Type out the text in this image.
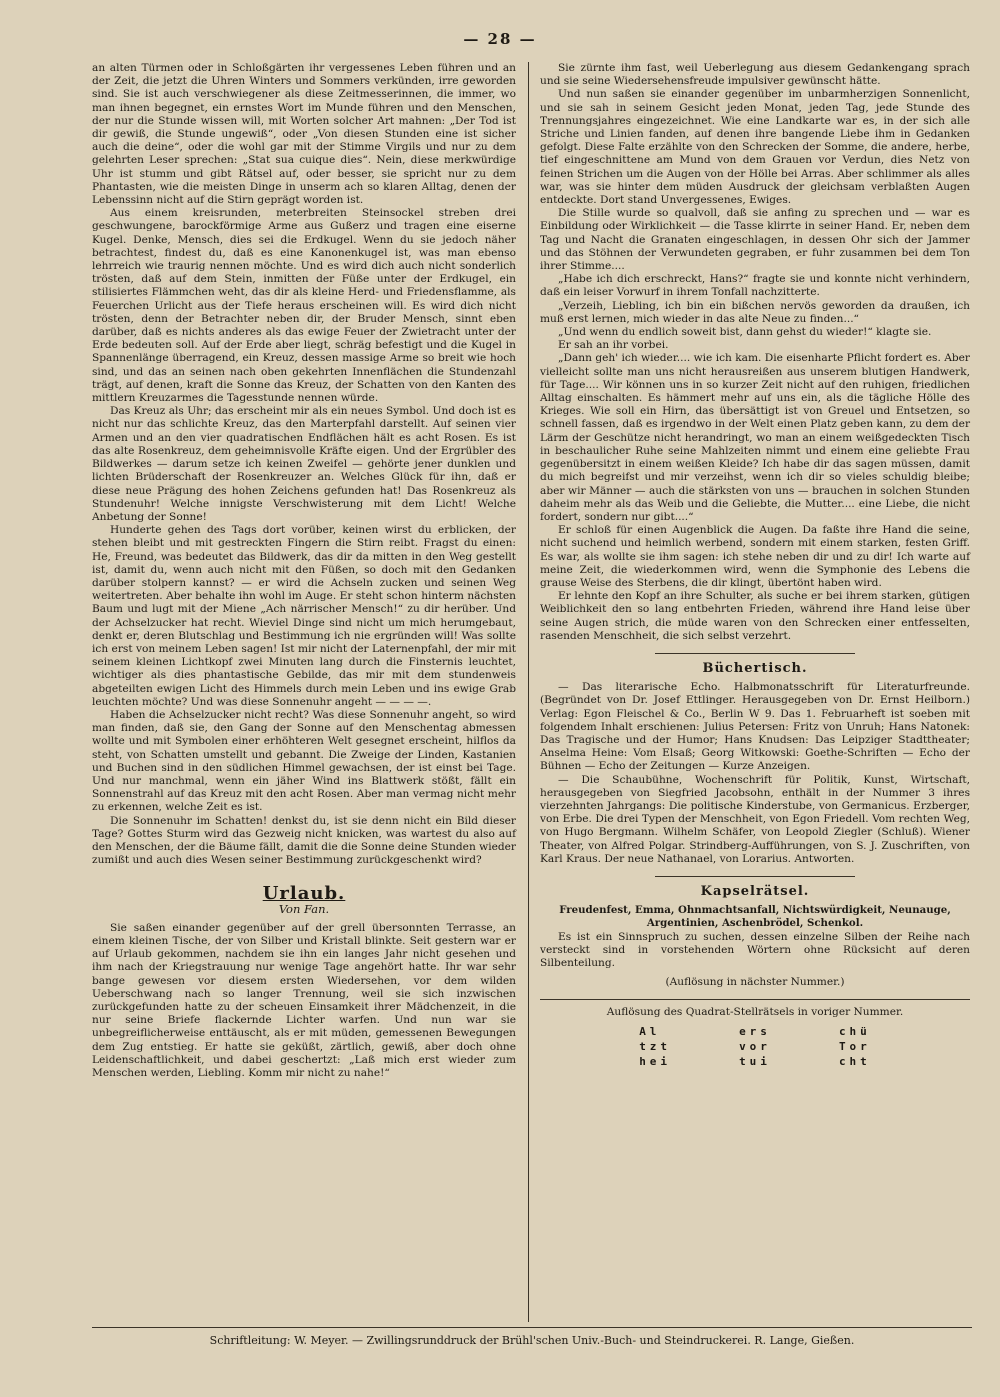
— 28 —

an alten Türmen oder in Schloßgärten ihr vergessenes Leben führen und an der Zeit, die jetzt die Uhren Winters und Sommers verkünden, irre geworden sind. Sie ist auch verschwiegener als diese Zeitmesserinnen, die immer, wo man ihnen begegnet, ein ernstes Wort im Munde führen und den Menschen, der nur die Stunde wissen will, mit Worten solcher Art mahnen: „Der Tod ist dir gewiß, die Stunde ungewiß“, oder „Von diesen Stunden eine ist sicher auch die deine“, oder die wohl gar mit der Stimme Virgils und nur zu dem gelehrten Leser sprechen: „Stat sua cuique dies“. Nein, diese merkwürdige Uhr ist stumm und gibt Rätsel auf, oder besser, sie spricht nur zu dem Phantasten, wie die meisten Dinge in unserm ach so klaren Alltag, denen der Lebenssinn nicht auf die Stirn geprägt worden ist.

Aus einem kreisrunden, meterbreiten Steinsockel streben drei geschwungene, barockförmige Arme aus Gußerz und tragen eine eiserne Kugel. Denke, Mensch, dies sei die Erdkugel. Wenn du sie jedoch näher betrachtest, findest du, daß es eine Kanonenkugel ist, was man ebenso lehrreich wie traurig nennen möchte. Und es wird dich auch nicht sonderlich trösten, daß auf dem Stein, inmitten der Füße unter der Erdkugel, ein stilisiertes Flämmchen weht, das dir als kleine Herd- und Friedensflamme, als Feuerchen Urlicht aus der Tiefe heraus erscheinen will. Es wird dich nicht trösten, denn der Betrachter neben dir, der Bruder Mensch, sinnt eben darüber, daß es nichts anderes als das ewige Feuer der Zwietracht unter der Erde bedeuten soll. Auf der Erde aber liegt, schräg befestigt und die Kugel in Spannenlänge überragend, ein Kreuz, dessen massige Arme so breit wie hoch sind, und das an seinen nach oben gekehrten Innenflächen die Stundenzahl trägt, auf denen, kraft die Sonne das Kreuz, der Schatten von den Kanten des mittlern Kreuzarmes die Tagesstunde nennen würde.

Das Kreuz als Uhr; das erscheint mir als ein neues Symbol. Und doch ist es nicht nur das schlichte Kreuz, das den Marterpfahl darstellt. Auf seinen vier Armen und an den vier quadratischen Endflächen hält es acht Rosen. Es ist das alte Rosenkreuz, dem geheimnisvolle Kräfte eigen. Und der Ergrübler des Bildwerkes — darum setze ich keinen Zweifel — gehörte jener dunklen und lichten Brüderschaft der Rosenkreuzer an. Welches Glück für ihn, daß er diese neue Prägung des hohen Zeichens gefunden hat! Das Rosenkreuz als Stundenuhr! Welche innigste Verschwisterung mit dem Licht! Welche Anbetung der Sonne!

Hunderte gehen des Tags dort vorüber, keinen wirst du erblicken, der stehen bleibt und mit gestreckten Fingern die Stirn reibt. Fragst du einen: He, Freund, was bedeutet das Bildwerk, das dir da mitten in den Weg gestellt ist, damit du, wenn auch nicht mit den Füßen, so doch mit den Gedanken darüber stolpern kannst? — er wird die Achseln zucken und seinen Weg weitertreten. Aber behalte ihn wohl im Auge. Er steht schon hinterm nächsten Baum und lugt mit der Miene „Ach närrischer Mensch!“ zu dir herüber. Und der Achselzucker hat recht. Wieviel Dinge sind nicht um mich herumgebaut, denkt er, deren Blutschlag und Bestimmung ich nie ergründen will! Was sollte ich erst von meinem Leben sagen! Ist mir nicht der Laternenpfahl, der mir mit seinem kleinen Lichtkopf zwei Minuten lang durch die Finsternis leuchtet, wichtiger als dies phantastische Gebilde, das mir mit dem stundenweis abgeteilten ewigen Licht des Himmels durch mein Leben und ins ewige Grab leuchten möchte? Und was diese Sonnenuhr angeht — — — —.

Haben die Achselzucker nicht recht? Was diese Sonnenuhr angeht, so wird man finden, daß sie, den Gang der Sonne auf den Menschentag abmessen wollte und mit Symbolen einer erhöhteren Welt gesegnet erscheint, hilflos da steht, von Schatten umstellt und gebannt. Die Zweige der Linden, Kastanien und Buchen sind in den südlichen Himmel gewachsen, der ist einst bei Tage. Und nur manchmal, wenn ein jäher Wind ins Blattwerk stößt, fällt ein Sonnenstrahl auf das Kreuz mit den acht Rosen. Aber man vermag nicht mehr zu erkennen, welche Zeit es ist.

Die Sonnenuhr im Schatten! denkst du, ist sie denn nicht ein Bild dieser Tage? Gottes Sturm wird das Gezweig nicht knicken, was wartest du also auf den Menschen, der die Bäume fällt, damit die die Sonne deine Stunden wieder zumißt und auch dies Wesen seiner Bestimmung zurückgeschenkt wird?

Urlaub.
Von Fan.

Sie saßen einander gegenüber auf der grell übersonnten Terrasse, an einem kleinen Tische, der von Silber und Kristall blinkte. Seit gestern war er auf Urlaub gekommen, nachdem sie ihn ein langes Jahr nicht gesehen und ihm nach der Kriegstrauung nur wenige Tage angehört hatte. Ihr war sehr bange gewesen vor diesem ersten Wiedersehen, vor dem wilden Ueberschwang nach so langer Trennung, weil sie sich inzwischen zurückgefunden hatte zu der scheuen Einsamkeit ihrer Mädchenzeit, in die nur seine Briefe flackernde Lichter warfen. Und nun war sie unbegreiflicherweise enttäuscht, als er mit müden, gemessenen Bewegungen dem Zug entstieg. Er hatte sie geküßt, zärtlich, gewiß, aber doch ohne Leidenschaftlichkeit, und dabei geschertzt: „Laß mich erst wieder zum Menschen werden, Liebling. Komm mir nicht zu nahe!“

Sie zürnte ihm fast, weil Ueberlegung aus diesem Gedankengang sprach und sie seine Wiedersehensfreude impulsiver gewünscht hätte.

Und nun saßen sie einander gegenüber im unbarmherzigen Sonnenlicht, und sie sah in seinem Gesicht jeden Monat, jeden Tag, jede Stunde des Trennungsjahres eingezeichnet. Wie eine Landkarte war es, in der sich alle Striche und Linien fanden, auf denen ihre bangende Liebe ihm in Gedanken gefolgt. Diese Falte erzählte von den Schrecken der Somme, die andere, herbe, tief eingeschnittene am Mund von dem Grauen vor Verdun, dies Netz von feinen Strichen um die Augen von der Hölle bei Arras. Aber schlimmer als alles war, was sie hinter dem müden Ausdruck der gleichsam verblaßten Augen entdeckte. Dort stand Unvergessenes, Ewiges.

Die Stille wurde so qualvoll, daß sie anfing zu sprechen und — war es Einbildung oder Wirklichkeit — die Tasse klirrte in seiner Hand. Er, neben dem Tag und Nacht die Granaten eingeschlagen, in dessen Ohr sich der Jammer und das Stöhnen der Verwundeten gegraben, er fuhr zusammen bei dem Ton ihrer Stimme....

„Habe ich dich erschreckt, Hans?“ fragte sie und konnte nicht verhindern, daß ein leiser Vorwurf in ihrem Tonfall nachzitterte.

„Verzeih, Liebling, ich bin ein bißchen nervös geworden da draußen, ich muß erst lernen, mich wieder in das alte Neue zu finden...“

„Und wenn du endlich soweit bist, dann gehst du wieder!“ klagte sie.

Er sah an ihr vorbei.

„Dann geh' ich wieder.... wie ich kam. Die eisenharte Pflicht fordert es. Aber vielleicht sollte man uns nicht herausreißen aus unserem blutigen Handwerk, für Tage.... Wir können uns in so kurzer Zeit nicht auf den ruhigen, friedlichen Alltag einschalten. Es hämmert mehr auf uns ein, als die tägliche Hölle des Krieges. Wie soll ein Hirn, das übersättigt ist von Greuel und Entsetzen, so schnell fassen, daß es irgendwo in der Welt einen Platz geben kann, zu dem der Lärm der Geschütze nicht herandringt, wo man an einem weißgedeckten Tisch in beschaulicher Ruhe seine Mahlzeiten nimmt und einem eine geliebte Frau gegenübersitzt in einem weißen Kleide? Ich habe dir das sagen müssen, damit du mich begreifst und mir verzeihst, wenn ich dir so vieles schuldig bleibe; aber wir Männer — auch die stärksten von uns — brauchen in solchen Stunden daheim mehr als das Weib und die Geliebte, die Mutter.... eine Liebe, die nicht fordert, sondern nur gibt....“

Er schloß für einen Augenblick die Augen. Da faßte ihre Hand die seine, nicht suchend und heimlich werbend, sondern mit einem starken, festen Griff. Es war, als wollte sie ihm sagen: ich stehe neben dir und zu dir! Ich warte auf meine Zeit, die wiederkommen wird, wenn die Symphonie des Lebens die grause Weise des Sterbens, die dir klingt, übertönt haben wird.

Er lehnte den Kopf an ihre Schulter, als suche er bei ihrem starken, gütigen Weiblichkeit den so lang entbehrten Frieden, während ihre Hand leise über seine Augen strich, die müde waren von den Schrecken einer entfesselten, rasenden Menschheit, die sich selbst verzehrt.

Büchertisch.

— Das literarische Echo. Halbmonatsschrift für Literaturfreunde. (Begründet von Dr. Josef Ettlinger. Herausgegeben von Dr. Ernst Heilborn.) Verlag: Egon Fleischel & Co., Berlin W 9. Das 1. Februarheft ist soeben mit folgendem Inhalt erschienen: Julius Petersen: Fritz von Unruh; Hans Natonek: Das Tragische und der Humor; Hans Knudsen: Das Leipziger Stadttheater; Anselma Heine: Vom Elsaß; Georg Witkowski: Goethe-Schriften — Echo der Bühnen — Echo der Zeitungen — Kurze Anzeigen.

— Die Schaubühne, Wochenschrift für Politik, Kunst, Wirtschaft, herausgegeben von Siegfried Jacobsohn, enthält in der Nummer 3 ihres vierzehnten Jahrgangs: Die politische Kinderstube, von Germanicus. Erzberger, von Erbe. Die drei Typen der Menschheit, von Egon Friedell. Vom rechten Weg, von Hugo Bergmann. Wilhelm Schäfer, von Leopold Ziegler (Schluß). Wiener Theater, von Alfred Polgar. Strindberg-Aufführungen, von S. J. Zuschriften, von Karl Kraus. Der neue Nathanael, von Lorarius. Antworten.

Kapselrätsel.
Freudenfest, Emma, Ohnmachtsanfall, Nichtswürdigkeit, Neunauge, Argentinien, Aschenbrödel, Schenkol.

Es ist ein Sinnspruch zu suchen, dessen einzelne Silben der Reihe nach versteckt sind in vorstehenden Wörtern ohne Rücksicht auf deren Silbenteilung.

(Auflösung in nächster Nummer.)
Auflösung des Quadrat-Stellrätsels in voriger Nummer.
Al	ers	chü
tzt	vor	Tor
hei	tui	cht
Schriftleitung: W. Meyer. — Zwillingsrunddruck der Brühl'schen Univ.-Buch- und Steindruckerei. R. Lange, Gießen.
